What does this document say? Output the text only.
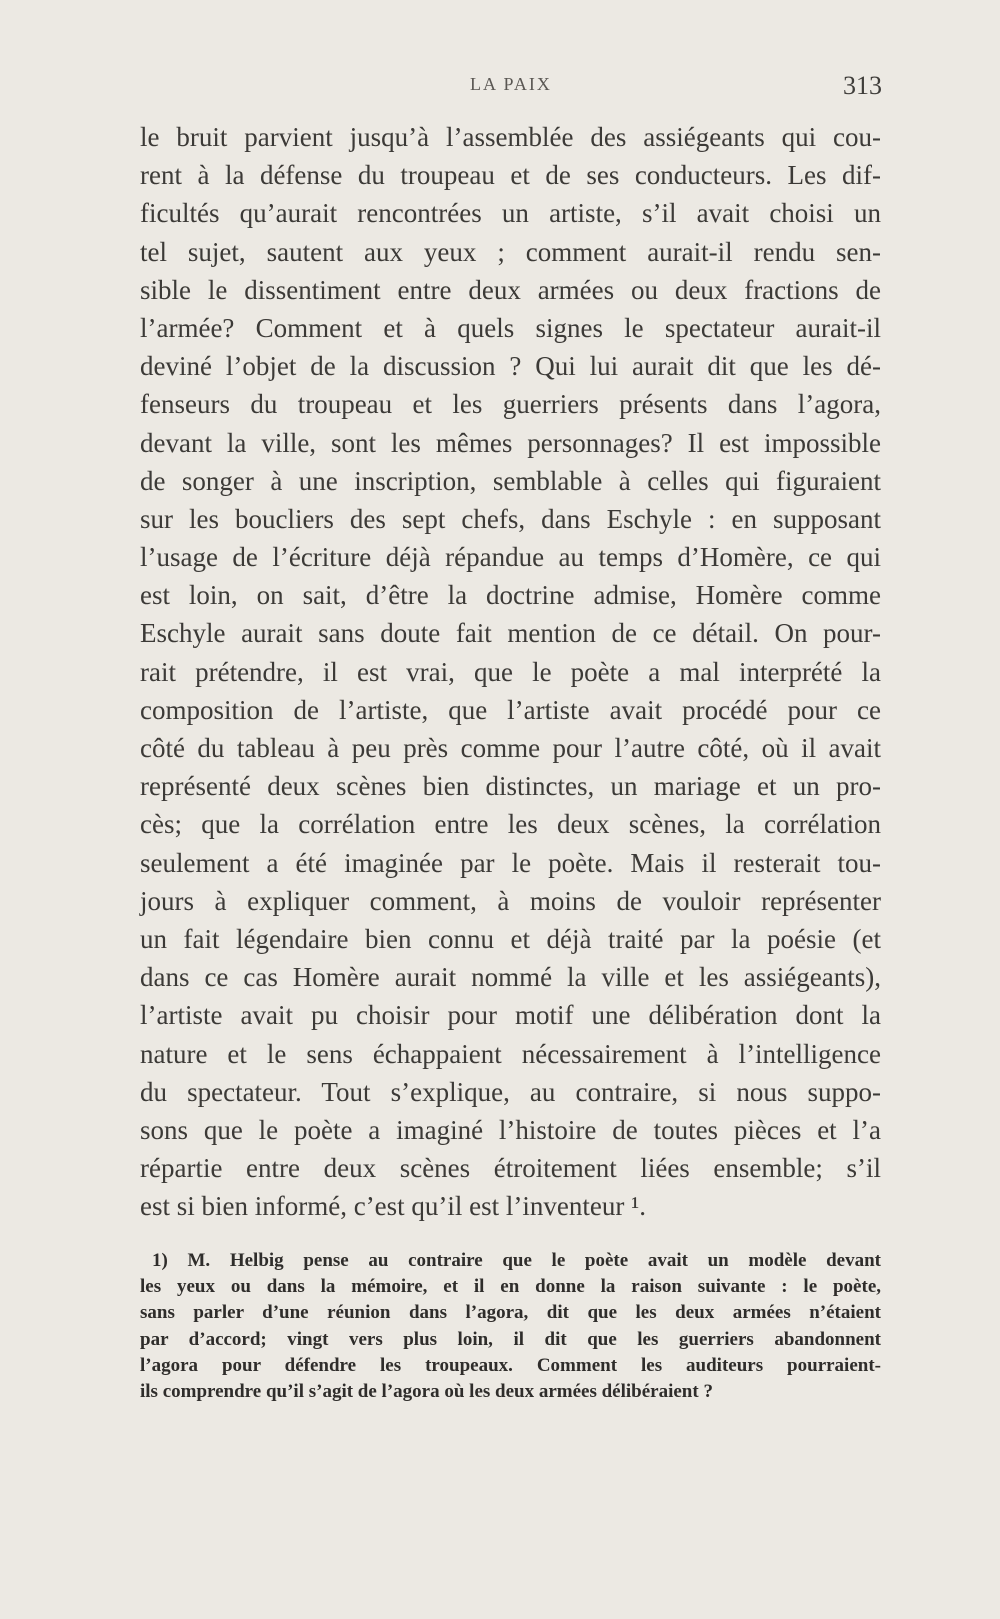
LA PAIX	313
le bruit parvient jusqu’à l’assemblée des assiégeants qui cou-
rent à la défense du troupeau et de ses conducteurs. Les dif-
ficultés qu’aurait rencontrées un artiste, s’il avait choisi un
tel sujet, sautent aux yeux ; comment aurait-il rendu sen-
sible le dissentiment entre deux armées ou deux fractions de
l’armée? Comment et à quels signes le spectateur aurait-il
deviné l’objet de la discussion ? Qui lui aurait dit que les dé-
fenseurs du troupeau et les guerriers présents dans l’agora,
devant la ville, sont les mêmes personnages? Il est impossible
de songer à une inscription, semblable à celles qui figuraient
sur les boucliers des sept chefs, dans Eschyle : en supposant
l’usage de l’écriture déjà répandue au temps d’Homère, ce qui
est loin, on sait, d’être la doctrine admise, Homère comme
Eschyle aurait sans doute fait mention de ce détail. On pour-
rait prétendre, il est vrai, que le poète a mal interprété la
composition de l’artiste, que l’artiste avait procédé pour ce
côté du tableau à peu près comme pour l’autre côté, où il avait
représenté deux scènes bien distinctes, un mariage et un pro-
cès; que la corrélation entre les deux scènes, la corrélation
seulement a été imaginée par le poète. Mais il resterait tou-
jours à expliquer comment, à moins de vouloir représenter
un fait légendaire bien connu et déjà traité par la poésie (et
dans ce cas Homère aurait nommé la ville et les assiégeants),
l’artiste avait pu choisir pour motif une délibération dont la
nature et le sens échappaient nécessairement à l’intelligence
du spectateur. Tout s’explique, au contraire, si nous suppo-
sons que le poète a imaginé l’histoire de toutes pièces et l’a
répartie entre deux scènes étroitement liées ensemble; s’il
est si bien informé, c’est qu’il est l’inventeur ¹.
1) M. Helbig pense au contraire que le poète avait un modèle devant
les yeux ou dans la mémoire, et il en donne la raison suivante : le poète,
sans parler d’une réunion dans l’agora, dit que les deux armées n’étaient
par d’accord; vingt vers plus loin, il dit que les guerriers abandonnent
l’agora pour défendre les troupeaux. Comment les auditeurs pourraient-
ils comprendre qu’il s’agit de l’agora où les deux armées délibéraient ?
